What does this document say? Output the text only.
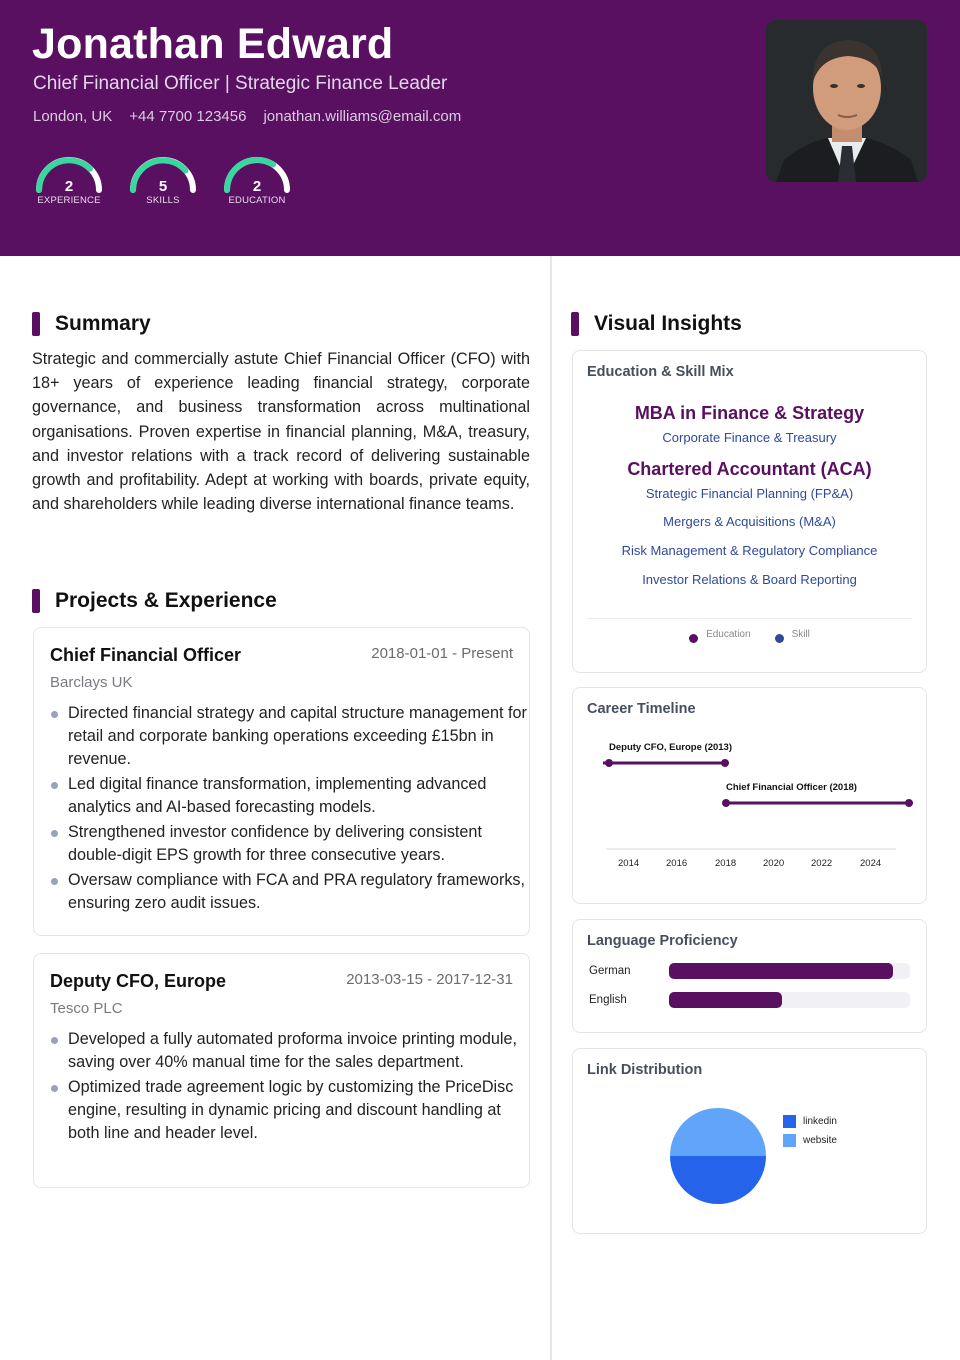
Jonathan Edward
Chief Financial Officer | Strategic Finance Leader
London, UK +44 7700 123456 jonathan.williams@email.com
2
EXPERIENCE
5
SKILLS
2
EDUCATION
Summary
Strategic and commercially astute Chief Financial Officer (CFO) with 18+ years of experience leading financial strategy, corporate governance, and business transformation across multinational organisations. Proven expertise in financial planning, M&A, treasury, and investor relations with a track record of delivering sustainable growth and profitability. Adept at working with boards, private equity, and shareholders while leading diverse international finance teams.
Projects & Experience
Chief Financial Officer	2018-01-01 - Present
Barclays UK
Directed financial strategy and capital structure management for retail and corporate banking operations exceeding £15bn in revenue.
Led digital finance transformation, implementing advanced analytics and AI-based forecasting models.
Strengthened investor confidence by delivering consistent double-digit EPS growth for three consecutive years.
Oversaw compliance with FCA and PRA regulatory frameworks, ensuring zero audit issues.
Deputy CFO, Europe	2013-03-15 - 2017-12-31
Tesco PLC
Developed a fully automated proforma invoice printing module, saving over 40% manual time for the sales department.
Optimized trade agreement logic by customizing the PriceDisc engine, resulting in dynamic pricing and discount handling at both line and header level.
Visual Insights
Education & Skill Mix
MBA in Finance & Strategy
Corporate Finance & Treasury
Chartered Accountant (ACA)
Strategic Financial Planning (FP&A)
Mergers & Acquisitions (M&A)
Risk Management & Regulatory Compliance
Investor Relations & Board Reporting
Education	Skill
Career Timeline
Deputy CFO, Europe (2013)
Chief Financial Officer (2018)
2014	2016	2018	2020	2022	2024
Language Proficiency
German
English
Link Distribution
linkedin
website
